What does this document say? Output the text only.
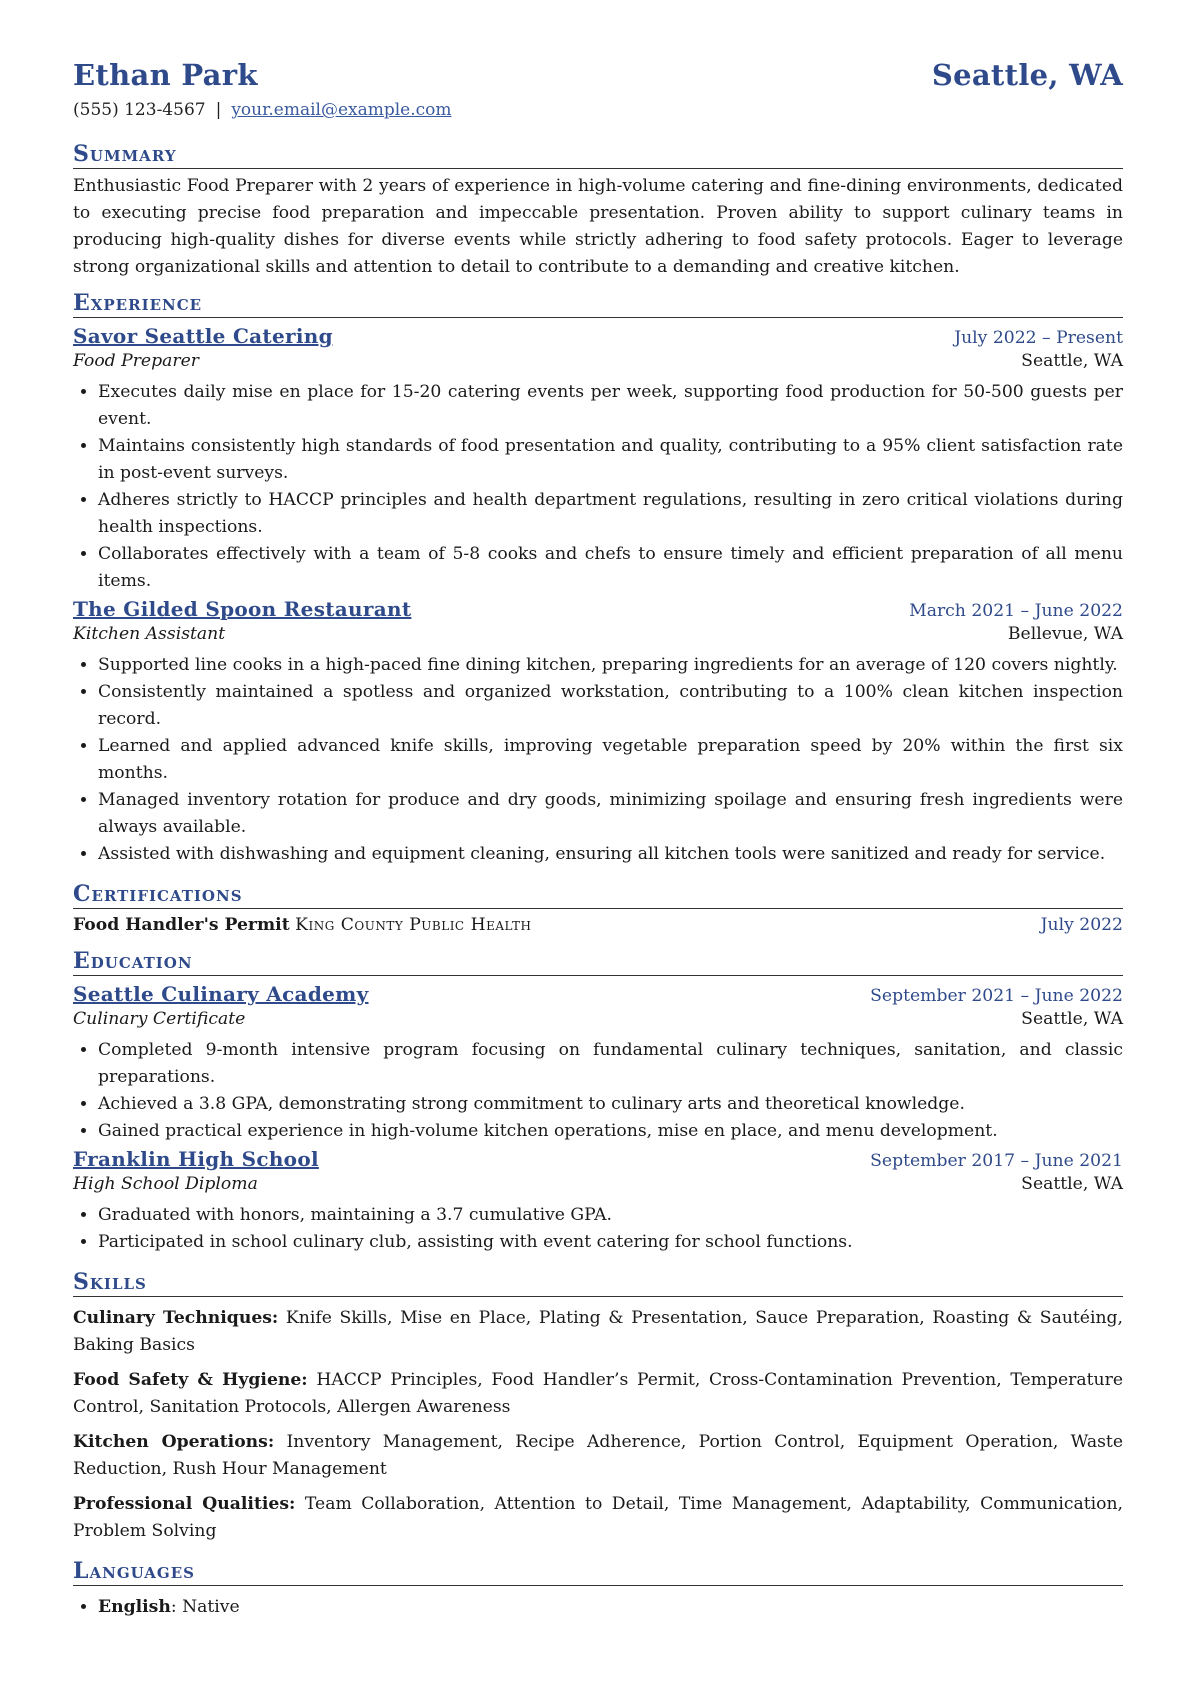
Ethan Park	Seattle, WA
(555) 123-4567 | your.email@example.com
Summary
Enthusiastic Food Preparer with 2 years of experience in high-volume catering and fine-dining environments, dedicated to executing precise food preparation and impeccable presentation. Proven ability to support culinary teams in producing high-quality dishes for diverse events while strictly adhering to food safety protocols. Eager to leverage strong organizational skills and attention to detail to contribute to a demanding and creative kitchen.
Experience
Savor Seattle Catering	July 2022 – Present
Food Preparer	Seattle, WA
• Executes daily mise en place for 15-20 catering events per week, supporting food production for 50-500 guests per event.
• Maintains consistently high standards of food presentation and quality, contributing to a 95% client satisfaction rate in post-event surveys.
• Adheres strictly to HACCP principles and health department regulations, resulting in zero critical violations during health inspections.
• Collaborates effectively with a team of 5-8 cooks and chefs to ensure timely and efficient preparation of all menu items.
The Gilded Spoon Restaurant	March 2021 – June 2022
Kitchen Assistant	Bellevue, WA
• Supported line cooks in a high-paced fine dining kitchen, preparing ingredients for an average of 120 covers nightly.
• Consistently maintained a spotless and organized workstation, contributing to a 100% clean kitchen inspection record.
• Learned and applied advanced knife skills, improving vegetable preparation speed by 20% within the first six months.
• Managed inventory rotation for produce and dry goods, minimizing spoilage and ensuring fresh ingredients were always available.
• Assisted with dishwashing and equipment cleaning, ensuring all kitchen tools were sanitized and ready for service.
Certifications
Food Handler's Permit King County Public Health	July 2022
Education
Seattle Culinary Academy	September 2021 – June 2022
Culinary Certificate	Seattle, WA
• Completed 9-month intensive program focusing on fundamental culinary techniques, sanitation, and classic preparations.
• Achieved a 3.8 GPA, demonstrating strong commitment to culinary arts and theoretical knowledge.
• Gained practical experience in high-volume kitchen operations, mise en place, and menu development.
Franklin High School	September 2017 – June 2021
High School Diploma	Seattle, WA
• Graduated with honors, maintaining a 3.7 cumulative GPA.
• Participated in school culinary club, assisting with event catering for school functions.
Skills
Culinary Techniques: Knife Skills, Mise en Place, Plating & Presentation, Sauce Preparation, Roasting & Sautéing, Baking Basics
Food Safety & Hygiene: HACCP Principles, Food Handler’s Permit, Cross-Contamination Prevention, Temperature Control, Sanitation Protocols, Allergen Awareness
Kitchen Operations: Inventory Management, Recipe Adherence, Portion Control, Equipment Operation, Waste Reduction, Rush Hour Management
Professional Qualities: Team Collaboration, Attention to Detail, Time Management, Adaptability, Communication, Problem Solving
Languages
• English: Native
